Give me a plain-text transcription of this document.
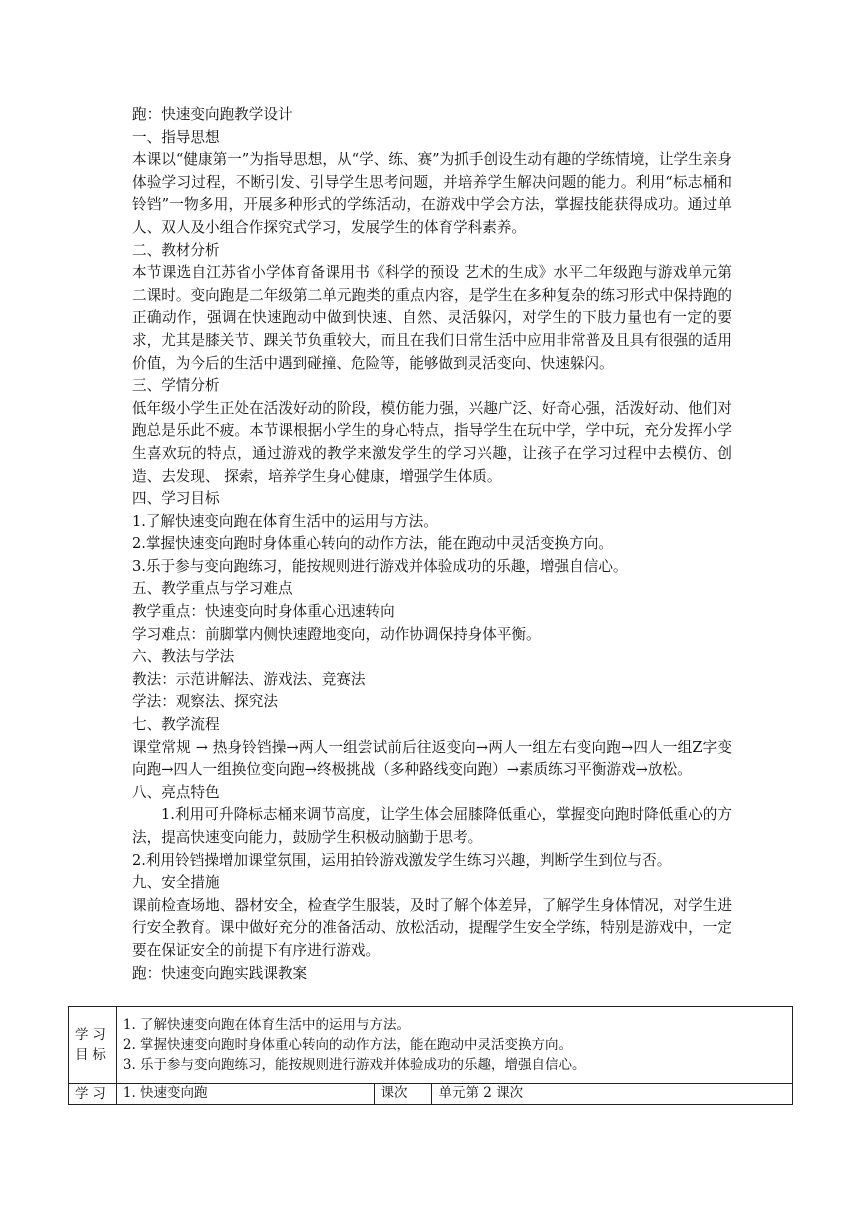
跑：快速变向跑教学设计

一、指导思想

本课以“健康第一”为指导思想，从“学、练、赛”为抓手创设生动有趣的学练情境，让学生亲身体验学习过程，不断引发、引导学生思考问题，并培养学生解决问题的能力。利用“标志桶和铃铛”一物多用，开展多种形式的学练活动，在游戏中学会方法，掌握技能获得成功。通过单人、双人及小组合作探究式学习，发展学生的体育学科素养。

二、教材分析

本节课选自江苏省小学体育备课用书《科学的预设 艺术的生成》水平二年级跑与游戏单元第二课时。变向跑是二年级第二单元跑类的重点内容，是学生在多种复杂的练习形式中保持跑的正确动作，强调在快速跑动中做到快速、自然、灵活躲闪，对学生的下肢力量也有一定的要求，尤其是膝关节、踝关节负重较大，而且在我们日常生活中应用非常普及且具有很强的适用价值，为今后的生活中遇到碰撞、危险等，能够做到灵活变向、快速躲闪。

三、学情分析

低年级小学生正处在活泼好动的阶段，模仿能力强，兴趣广泛、好奇心强，活泼好动、他们对跑总是乐此不疲。本节课根据小学生的身心特点，指导学生在玩中学，学中玩，充分发挥小学生喜欢玩的特点，通过游戏的教学来激发学生的学习兴趣，让孩子在学习过程中去模仿、创造、去发现、 探索，培养学生身心健康，增强学生体质。

四、学习目标

1.了解快速变向跑在体育生活中的运用与方法。

2.掌握快速变向跑时身体重心转向的动作方法，能在跑动中灵活变换方向。

3.乐于参与变向跑练习，能按规则进行游戏并体验成功的乐趣，增强自信心。

五、教学重点与学习难点

教学重点：快速变向时身体重心迅速转向

学习难点：前脚掌内侧快速蹬地变向，动作协调保持身体平衡。

六、教法与学法

教法：示范讲解法、游戏法、竞赛法

学法：观察法、探究法

七、教学流程

课堂常规 → 热身铃铛操→两人一组尝试前后往返变向→两人一组左右变向跑→四人一组Z字变向跑→四人一组换位变向跑→终极挑战（多种路线变向跑）→素质练习平衡游戏→放松。

八、亮点特色

1.利用可升降标志桶来调节高度，让学生体会屈膝降低重心，掌握变向跑时降低重心的方法，提高快速变向能力，鼓励学生积极动脑勤于思考。

2.利用铃铛操增加课堂氛围，运用拍铃游戏激发学生练习兴趣，判断学生到位与否。

九、安全措施

课前检查场地、器材安全，检查学生服装，及时了解个体差异，了解学生身体情况，对学生进行安全教育。课中做好充分的准备活动、放松活动，提醒学生安全学练，特别是游戏中，一定要在保证安全的前提下有序进行游戏。

跑：快速变向跑实践课教案

学习目标	1. 了解快速变向跑在体育生活中的运用与方法。
2. 掌握快速变向跑时身体重心转向的动作方法，能在跑动中灵活变换方向。
3. 乐于参与变向跑练习，能按规则进行游戏并体验成功的乐趣，增强自信心。		

学习	1. 快速变向跑	课次	单元第 2 课次
